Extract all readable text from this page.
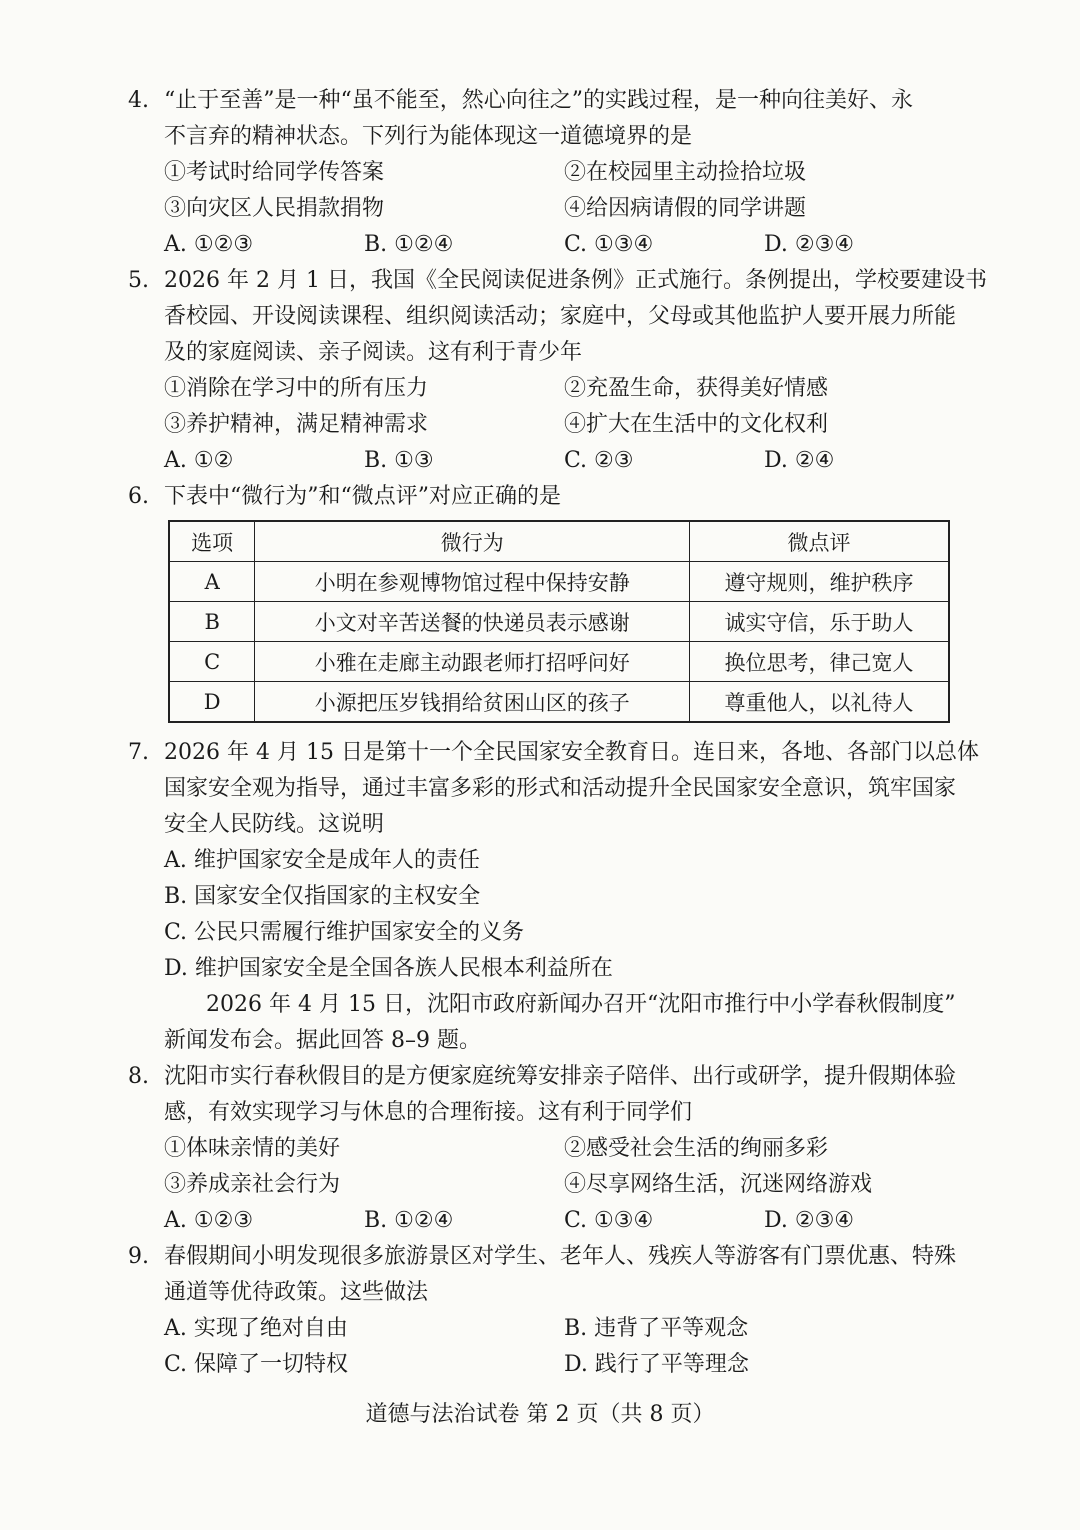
4. “止于至善”是一种“虽不能至，然心向往之”的实践过程，是一种向往美好、永
不言弃的精神状态。下列行为能体现这一道德境界的是
①考试时给同学传答案	②在校园里主动捡拾垃圾
③向灾区人民捐款捐物	④给因病请假的同学讲题
A. ①②③	B. ①②④	C. ①③④	D. ②③④
5. 2026 年 2 月 1 日，我国《全民阅读促进条例》正式施行。条例提出，学校要建设书
香校园、开设阅读课程、组织阅读活动；家庭中，父母或其他监护人要开展力所能
及的家庭阅读、亲子阅读。这有利于青少年
①消除在学习中的所有压力	②充盈生命，获得美好情感
③养护精神，满足精神需求	④扩大在生活中的文化权利
A. ①②	B. ①③	C. ②③	D. ②④
6. 下表中“微行为”和“微点评”对应正确的是
选项	微行为	微点评
A	小明在参观博物馆过程中保持安静	遵守规则，维护秩序
B	小文对辛苦送餐的快递员表示感谢	诚实守信，乐于助人
C	小雅在走廊主动跟老师打招呼问好	换位思考，律己宽人
D	小源把压岁钱捐给贫困山区的孩子	尊重他人，以礼待人
7. 2026 年 4 月 15 日是第十一个全民国家安全教育日。连日来，各地、各部门以总体
国家安全观为指导，通过丰富多彩的形式和活动提升全民国家安全意识，筑牢国家
安全人民防线。这说明
A. 维护国家安全是成年人的责任
B. 国家安全仅指国家的主权安全
C. 公民只需履行维护国家安全的义务
D. 维护国家安全是全国各族人民根本利益所在
2026 年 4 月 15 日，沈阳市政府新闻办召开“沈阳市推行中小学春秋假制度”
新闻发布会。据此回答 8–9 题。
8. 沈阳市实行春秋假目的是方便家庭统筹安排亲子陪伴、出行或研学，提升假期体验
感，有效实现学习与休息的合理衔接。这有利于同学们
①体味亲情的美好	②感受社会生活的绚丽多彩
③养成亲社会行为	④尽享网络生活，沉迷网络游戏
A. ①②③	B. ①②④	C. ①③④	D. ②③④
9. 春假期间小明发现很多旅游景区对学生、老年人、残疾人等游客有门票优惠、特殊
通道等优待政策。这些做法
A. 实现了绝对自由	B. 违背了平等观念
C. 保障了一切特权	D. 践行了平等理念
道德与法治试卷 第 2 页（共 8 页）
